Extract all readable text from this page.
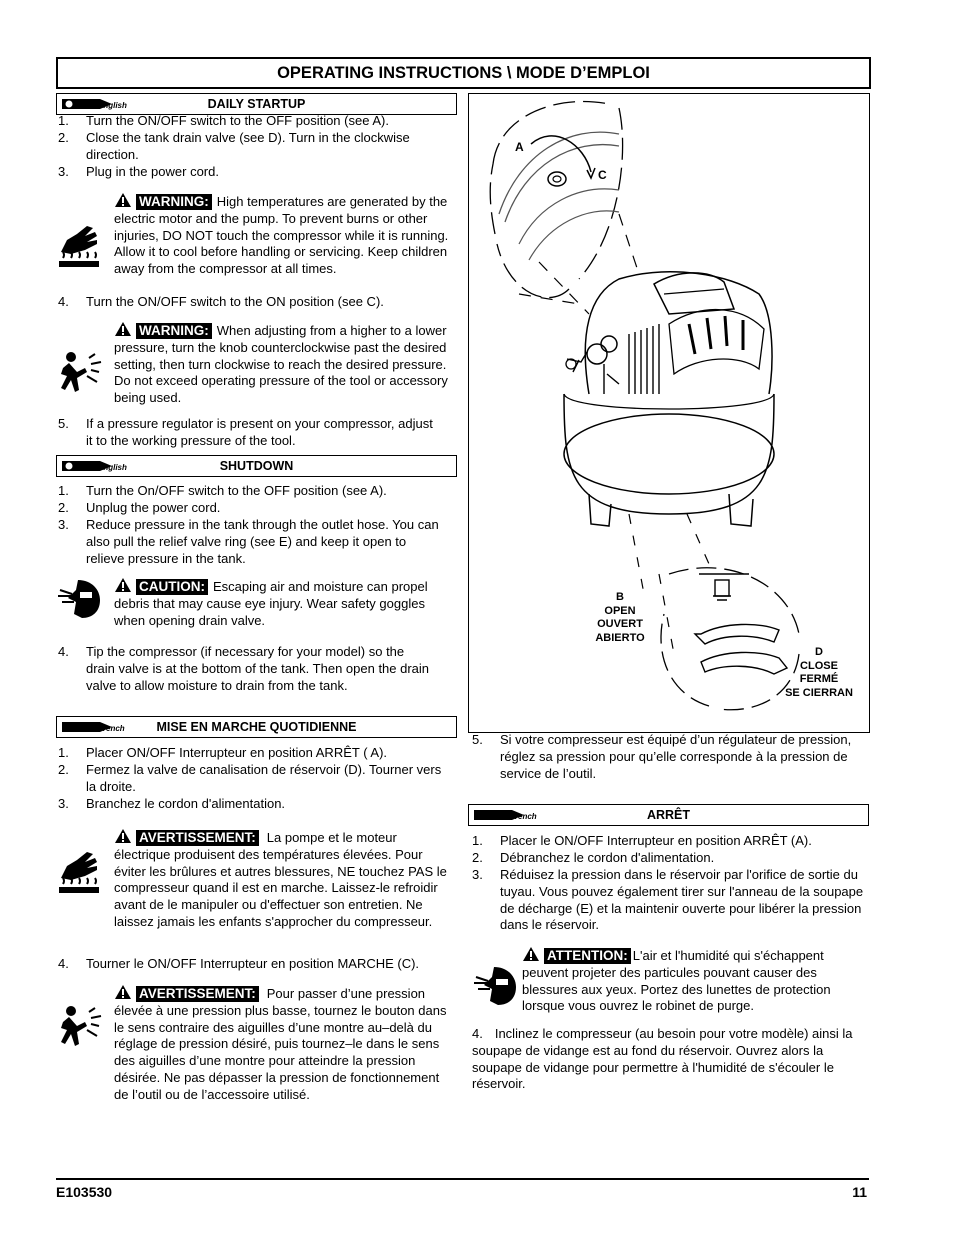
OPERATING INSTRUCTIONS \ MODE D’EMPLOI
English	DAILY STARTUP
1. Turn the ON/OFF switch to the OFF position (see A).
2. Close the tank drain valve (see D). Turn in the clockwise direction.
3. Plug in the power cord.
WARNING: High temperatures are generated by the electric motor and the pump. To prevent burns or other injuries, DO NOT touch the compressor while it is running. Allow it to cool before handling or servicing. Keep children away from the compressor at all times.
4. Turn the ON/OFF switch to the ON position (see C).
WARNING: When adjusting from a higher to a lower pressure, turn the knob counterclockwise past the desired setting, then turn clockwise to reach the desired pressure. Do not exceed operating pressure of the tool or accessory being used.
5. If a pressure regulator is present on your compressor, adjust it to the working pressure of the tool.
English	SHUTDOWN
1. Turn the On/OFF switch to the OFF position (see A).
2. Unplug the power cord.
3. Reduce pressure in the tank through the outlet hose. You can also pull the relief valve ring (see E) and keep it open to relieve pressure in the tank.
CAUTION: Escaping air and moisture can propel debris that may cause eye injury. Wear safety goggles when opening drain valve.
4. Tip the compressor (if necessary for your model) so the drain valve is at the bottom of the tank. Then open the drain valve to allow moisture to drain from the tank.
French	MISE EN MARCHE QUOTIDIENNE
1. Placer ON/OFF Interrupteur en position ARRÊT ( A).
2. Fermez la valve de canalisation de réservoir (D). Tourner vers la droite.
3. Branchez le cordon d'alimentation.
AVERTISSEMENT: La pompe et le moteur électrique produisent des températures élevées. Pour éviter les brûlures et autres blessures, NE touchez PAS le compresseur quand il est en marche. Laissez-le refroidir avant de le manipuler ou d'effectuer son entretien. Ne laissez jamais les enfants s'approcher du compresseur.
4. Tourner le ON/OFF Interrupteur en position MARCHE (C).
AVERTISSEMENT: Pour passer d’une pression élevée à une pression plus basse, tournez le bouton dans le sens contraire des aiguilles d’une montre au–delà du réglage de pression désiré, puis tournez–le dans le sens des aiguilles d’une montre pour atteindre la pression désirée. Ne pas dépasser la pression de fonctionnement de l’outil ou de l’accessoire utilisé.
A
C
B
OPEN
OUVERT
ABIERTO
D
CLOSE
FERMÉ
SE CIERRAN
5. Si votre compresseur est équipé d’un régulateur de pression, réglez sa pression pour qu’elle corresponde à la pression de service de l’outil.
French	ARRÊT
1. Placer le ON/OFF Interrupteur en position ARRÊT (A).
2. Débranchez le cordon d'alimentation.
3. Réduisez la pression dans le réservoir par l'orifice de sortie du tuyau. Vous pouvez également tirer sur l'anneau de la soupape de décharge (E) et la maintenir ouverte pour libérer la pression dans le réservoir.
ATTENTION: L'air et l'humidité qui s'échappent peuvent projeter des particules pouvant causer des blessures aux yeux. Portez des lunettes de protection lorsque vous ouvrez le robinet de purge.
4. Inclinez le compresseur (au besoin pour votre modèle) ainsi la soupape de vidange est au fond du réservoir. Ouvrez alors la soupape de vidange pour permettre à l'humidité de s'écouler le réservoir.
E103530	11
